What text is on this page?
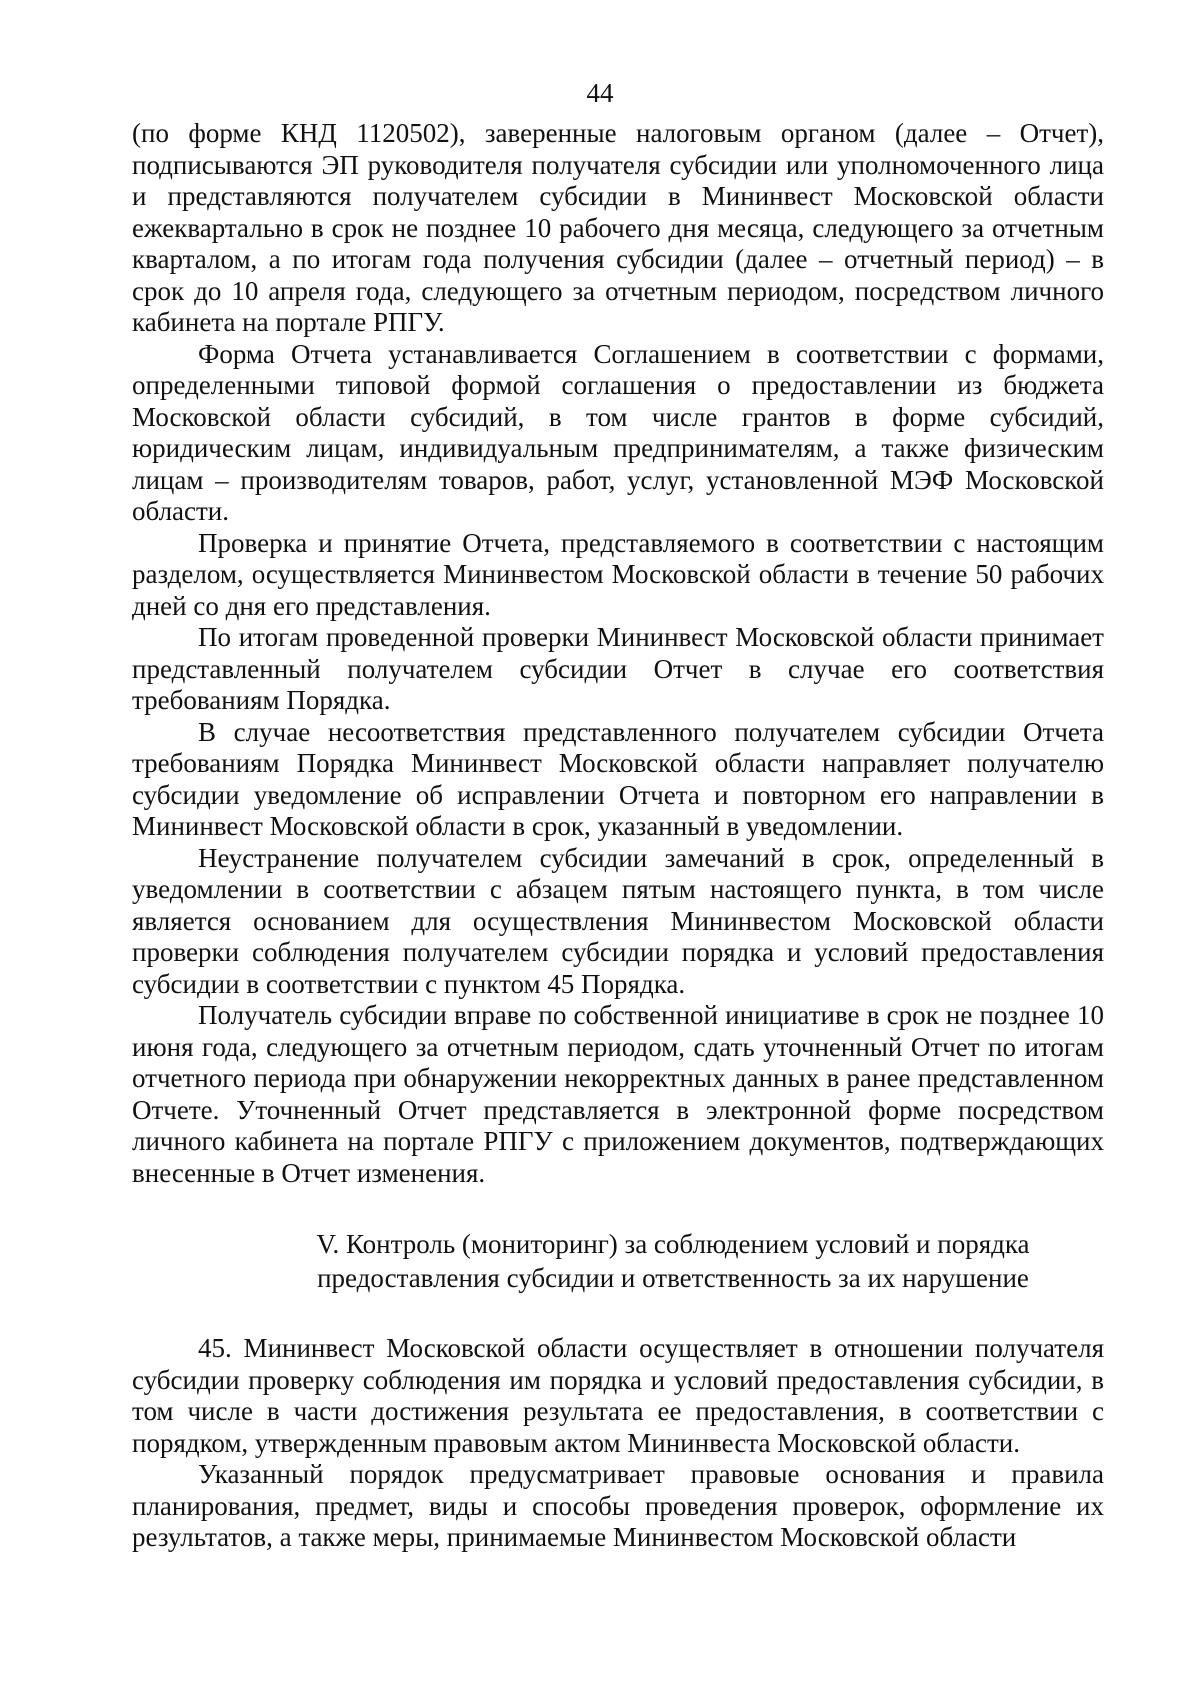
44

(по форме КНД 1120502), заверенные налоговым органом (далее – Отчет), подписываются ЭП руководителя получателя субсидии или уполномоченного лица и представляются получателем субсидии в Мининвест Московской области ежеквартально в срок не позднее 10 рабочего дня месяца, следующего за отчетным кварталом, а по итогам года получения субсидии (далее – отчетный период) – в срок до 10 апреля года, следующего за отчетным периодом, посредством личного кабинета на портале РПГУ.

Форма Отчета устанавливается Соглашением в соответствии с формами, определенными типовой формой соглашения о предоставлении из бюджета Московской области субсидий, в том числе грантов в форме субсидий, юридическим лицам, индивидуальным предпринимателям, а также физическим лицам – производителям товаров, работ, услуг, установленной МЭФ Московской области.

Проверка и принятие Отчета, представляемого в соответствии с настоящим разделом, осуществляется Мининвестом Московской области в течение 50 рабочих дней со дня его представления.

По итогам проведенной проверки Мининвест Московской области принимает представленный получателем субсидии Отчет в случае его соответствия требованиям Порядка.

В случае несоответствия представленного получателем субсидии Отчета требованиям Порядка Мининвест Московской области направляет получателю субсидии уведомление об исправлении Отчета и повторном его направлении в Мининвест Московской области в срок, указанный в уведомлении.

Неустранение получателем субсидии замечаний в срок, определенный в уведомлении в соответствии с абзацем пятым настоящего пункта, в том числе является основанием для осуществления Мининвестом Московской области проверки соблюдения получателем субсидии порядка и условий предоставления субсидии в соответствии с пунктом 45 Порядка.

Получатель субсидии вправе по собственной инициативе в срок не позднее 10 июня года, следующего за отчетным периодом, сдать уточненный Отчет по итогам отчетного периода при обнаружении некорректных данных в ранее представленном Отчете. Уточненный Отчет представляется в электронной форме посредством личного кабинета на портале РПГУ с приложением документов, подтверждающих внесенные в Отчет изменения.

V. Контроль (мониторинг) за соблюдением условий и порядка
предоставления субсидии и ответственность за их нарушение

45. Мининвест Московской области осуществляет в отношении получателя субсидии проверку соблюдения им порядка и условий предоставления субсидии, в том числе в части достижения результата ее предоставления, в соответствии с порядком, утвержденным правовым актом Мининвеста Московской области.

Указанный порядок предусматривает правовые основания и правила планирования, предмет, виды и способы проведения проверок, оформление их результатов, а также меры, принимаемые Мининвестом Московской области
